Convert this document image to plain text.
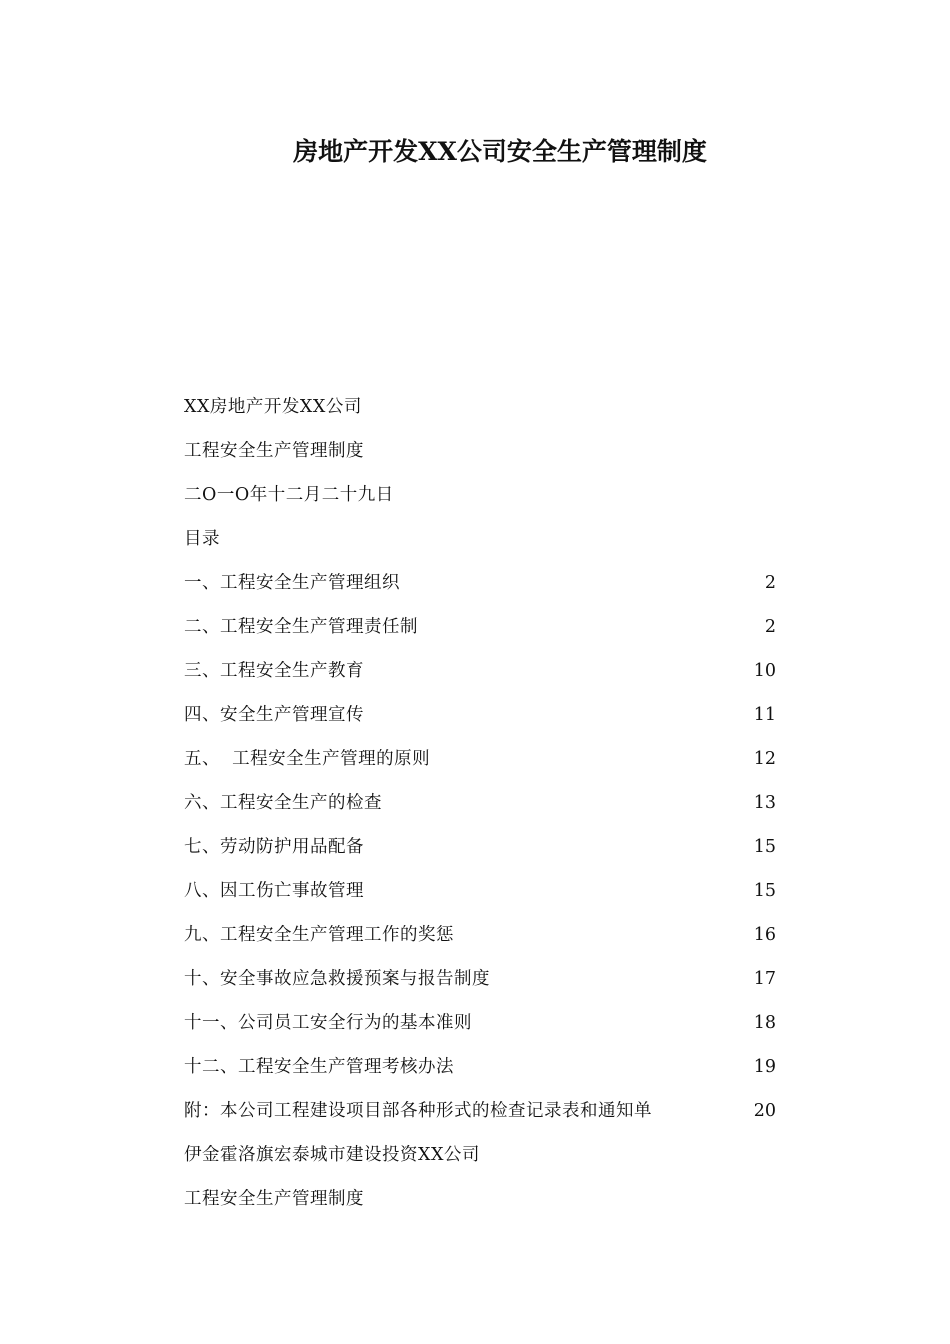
房地产开发XX公司安全生产管理制度
XX房地产开发XX公司
工程安全生产管理制度
二O一O年十二月二十九日
目录
一、工程安全生产管理组织	2
二、工程安全生产管理责任制	2
三、工程安全生产教育	10
四、安全生产管理宣传	11
五、  工程安全生产管理的原则	12
六、工程安全生产的检查	13
七、劳动防护用品配备	15
八、因工伤亡事故管理	15
九、工程安全生产管理工作的奖惩	16
十、安全事故应急救援预案与报告制度	17
十一、公司员工安全行为的基本准则	18
十二、工程安全生产管理考核办法	19
附：本公司工程建设项目部各种形式的检查记录表和通知单	20
伊金霍洛旗宏泰城市建设投资XX公司
工程安全生产管理制度
